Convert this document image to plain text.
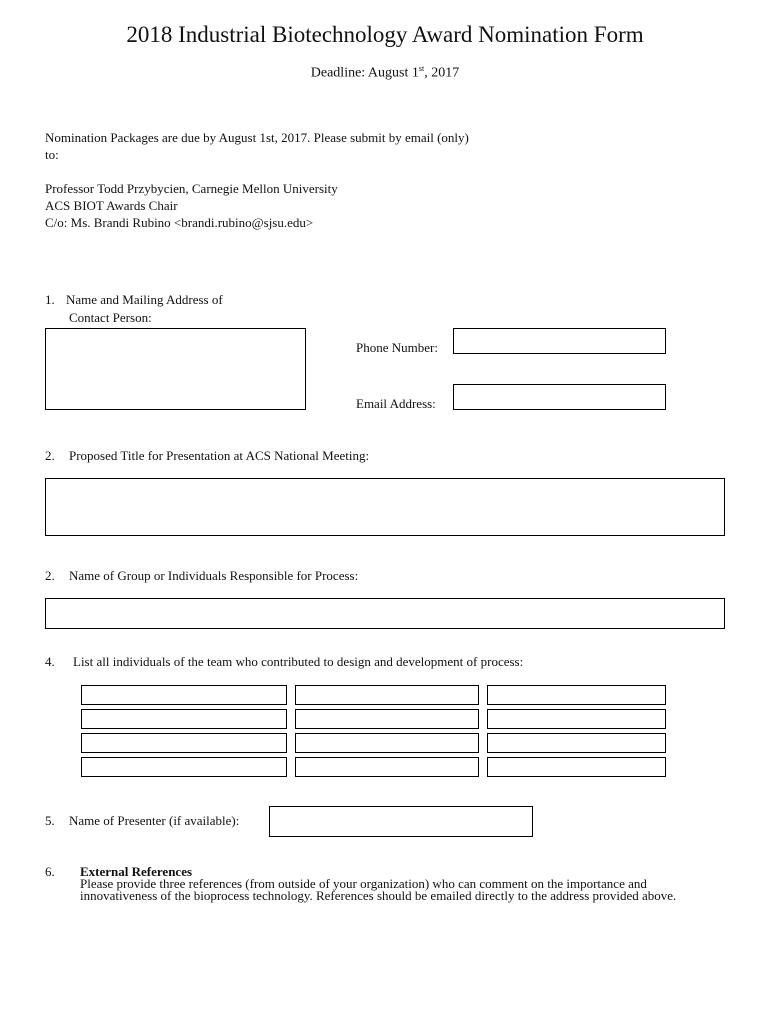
2018 Industrial Biotechnology Award Nomination Form
Deadline: August 1st, 2017
Nomination Packages are due by August 1st, 2017. Please submit by email (only)
to:
Professor Todd Przybycien, Carnegie Mellon University
ACS BIOT Awards Chair
C/o: Ms. Brandi Rubino <brandi.rubino@sjsu.edu>
1. Name and Mailing Address of
Contact Person:
Phone Number:
Email Address:
2. Proposed Title for Presentation at ACS National Meeting:
2. Name of Group or Individuals Responsible for Process:
4. List all individuals of the team who contributed to design and development of process:
5. Name of Presenter (if available):
6. External References
Please provide three references (from outside of your organization) who can comment on the importance and
innovativeness of the bioprocess technology. References should be emailed directly to the address provided above.
